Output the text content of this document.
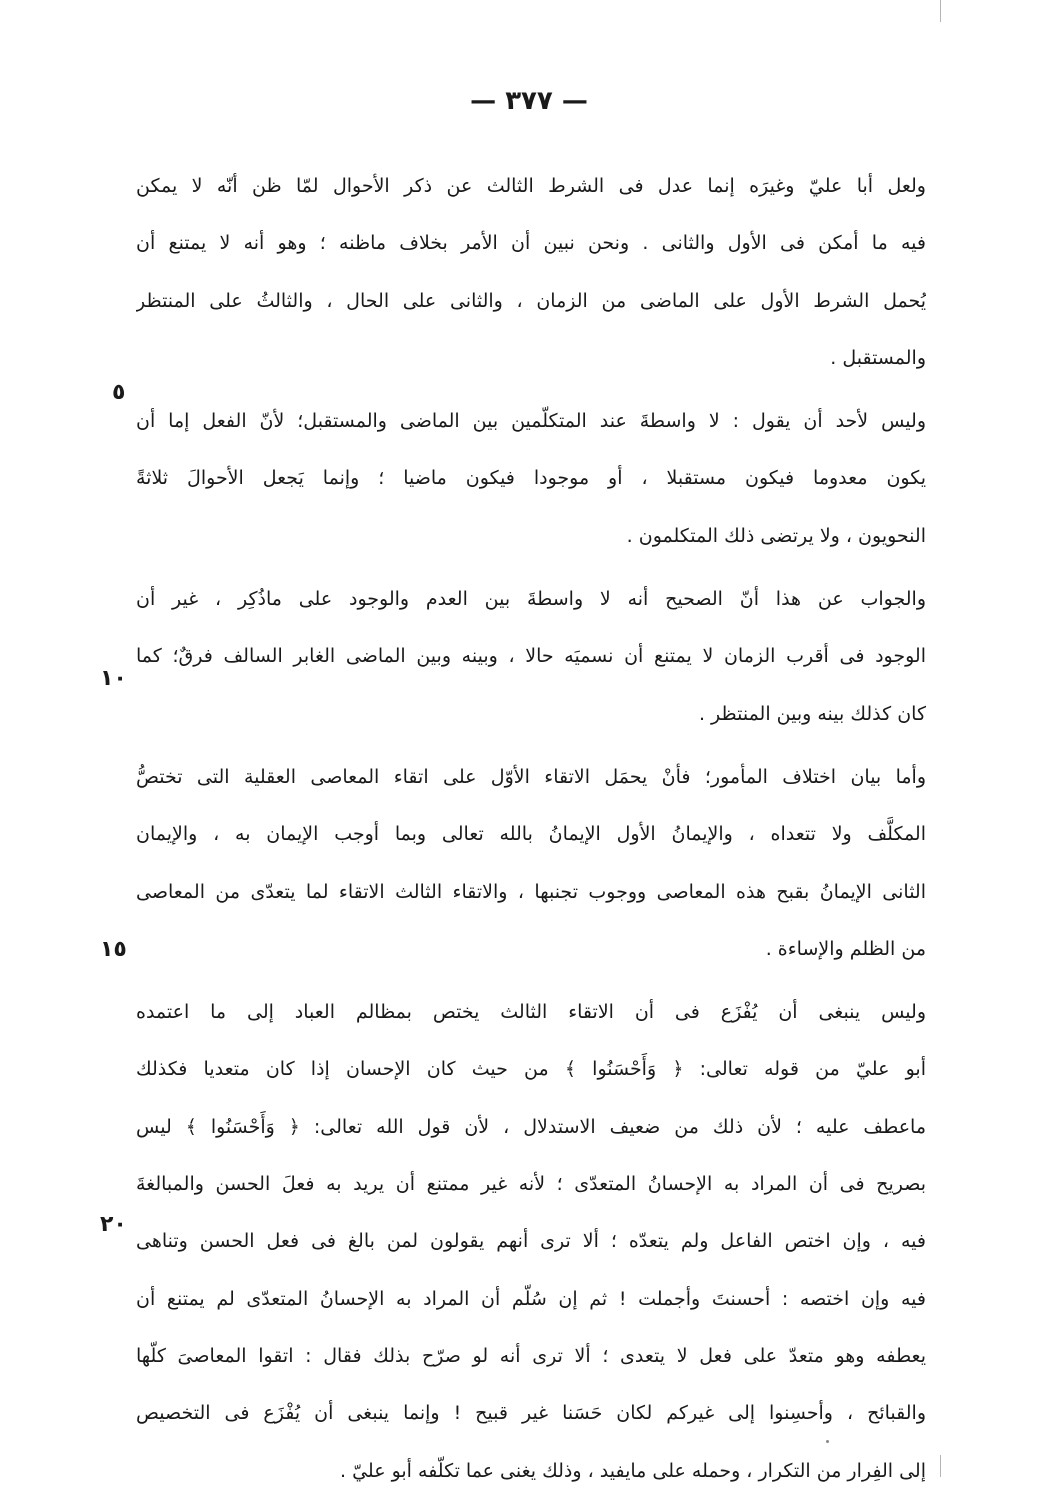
— ٣٧٧ —
ولعل أبا عليّ وغيرَه إنما عدل فى الشرط الثالث عن ذكر الأحوال لمّا ظن أنّه لا يمكن
فيه ما أمكن فى الأول والثانى . ونحن نبين أن الأمر بخلاف ماظنه ؛ وهو أنه لا يمتنع أن
يُحمل الشرط الأول على الماضى من الزمان ، والثانى على الحال ، والثالثُ على المنتظر
والمستقبل .
وليس لأحد أن يقول : لا واسطةَ عند المتكلّمين بين الماضى والمستقبل؛ لأنّ الفعل إما أن
يكون معدوما فيكون مستقبلا ، أو موجودا فيكون ماضيا ؛ وإنما يَجعل الأحوالَ ثلاثةً
النحويون ، ولا يرتضى ذلك المتكلمون .
والجواب عن هذا أنّ الصحيح أنه لا واسطةَ بين العدم والوجود على ماذُكِر ، غير أن
الوجود فى أقرب الزمان لا يمتنع أن نسميَه حالا ، وبينه وبين الماضى الغابر السالف فرقٌ؛ كما
كان كذلك بينه وبين المنتظر .
وأما بيان اختلاف المأمور؛ فأنْ يحمَل الاتقاء الأوّل على اتقاء المعاصى العقلية التى تختصُّ
المكلَّف ولا تتعداه ، والإيمانُ الأول الإيمانُ بالله تعالى وبما أوجب الإيمان به ، والإيمان
الثانى الإيمانُ بقبح هذه المعاصى ووجوب تجنبها ، والاتقاء الثالث الاتقاء لما يتعدّى من المعاصى
من الظلم والإساءة .
وليس ينبغى أن يُفْزَع فى أن الاتقاء الثالث يختص بمظالم العباد إلى ما اعتمده
أبو عليّ من قوله تعالى: ﴿ وَأَحْسَنُوا ﴾ من حيث كان الإحسان إذا كان متعديا فكذلك
ماعطف عليه ؛ لأن ذلك من ضعيف الاستدلال ، لأن قول الله تعالى: ﴿ وَأَحْسَنُوا ﴾ ليس
بصريح فى أن المراد به الإحسانُ المتعدّى ؛ لأنه غير ممتنع أن يريد به فعلَ الحسن والمبالغةَ
فيه ، وإن اختص الفاعل ولم يتعدّه ؛ ألا ترى أنهم يقولون لمن بالغ فى فعل الحسن وتناهى
فيه وإن اختصه : أحسنتَ وأجملت ! ثم إن سُلّم أن المراد به الإحسانُ المتعدّى لم يمتنع أن
يعطفه وهو متعدّ على فعل لا يتعدى ؛ ألا ترى أنه لو صرّح بذلك فقال : اتقوا المعاصىَ كلّها
والقبائح ، وأحسِنوا إلى غيركم لكان حَسَنا غير قبيح ! وإنما ينبغى أن يُفْزَع فى التخصيص
إلى الفِرار من التكرار ، وحمله على مايفيد ، وذلك يغنى عما تكلّفه أبو عليّ .
٥
١٠
١٥
٢٠
